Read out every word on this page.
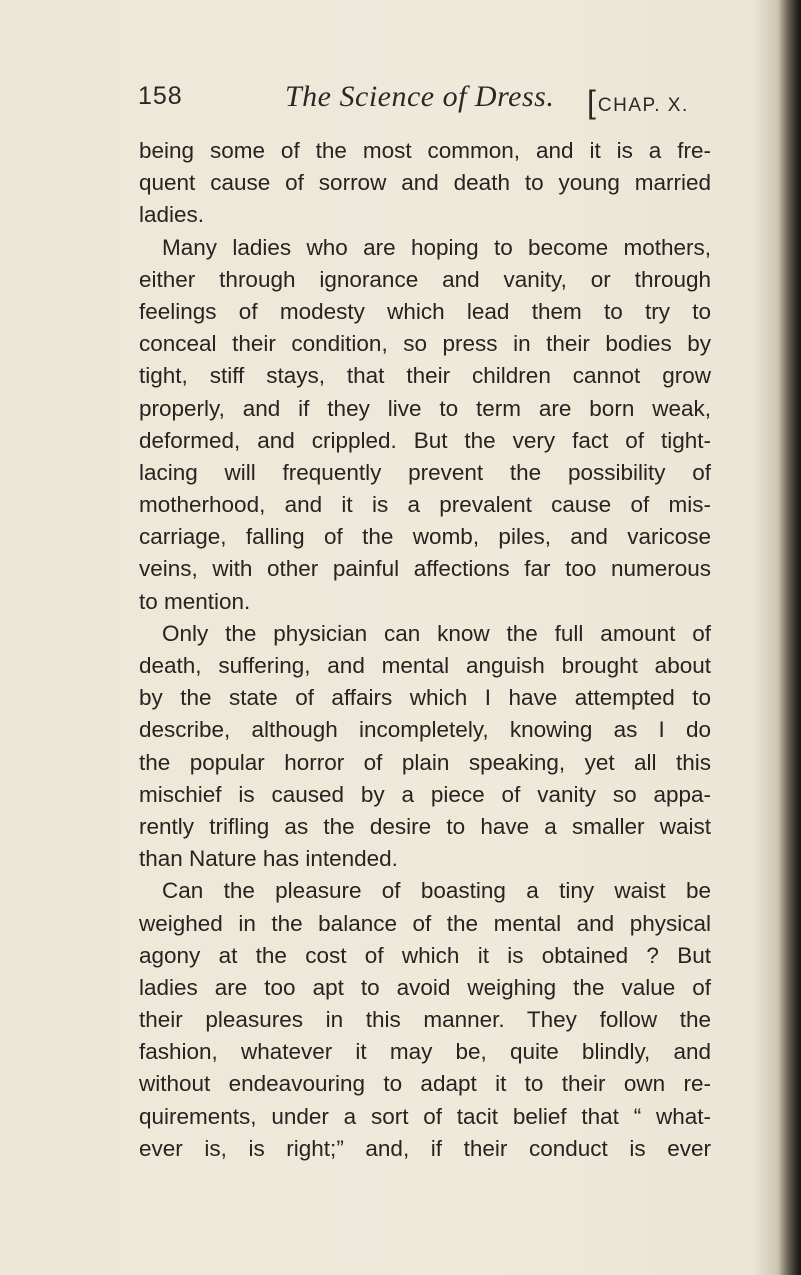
158	The Science of Dress. [ CHAP. X.
being some of the most common, and it is a fre-
quent cause of sorrow and death to young married
ladies.
Many ladies who are hoping to become mothers,
either through ignorance and vanity, or through
feelings of modesty which lead them to try to
conceal their condition, so press in their bodies by
tight, stiff stays, that their children cannot grow
properly, and if they live to term are born weak,
deformed, and crippled. But the very fact of tight-
lacing will frequently prevent the possibility of
motherhood, and it is a prevalent cause of mis-
carriage, falling of the womb, piles, and varicose
veins, with other painful affections far too numerous
to mention.
Only the physician can know the full amount of
death, suffering, and mental anguish brought about
by the state of affairs which I have attempted to
describe, although incompletely, knowing as I do
the popular horror of plain speaking, yet all this
mischief is caused by a piece of vanity so appa-
rently trifling as the desire to have a smaller waist
than Nature has intended.
Can the pleasure of boasting a tiny waist be
weighed in the balance of the mental and physical
agony at the cost of which it is obtained ? But
ladies are too apt to avoid weighing the value of
their pleasures in this manner. They follow the
fashion, whatever it may be, quite blindly, and
without endeavouring to adapt it to their own re-
quirements, under a sort of tacit belief that “ what-
ever is, is right;” and, if their conduct is ever
